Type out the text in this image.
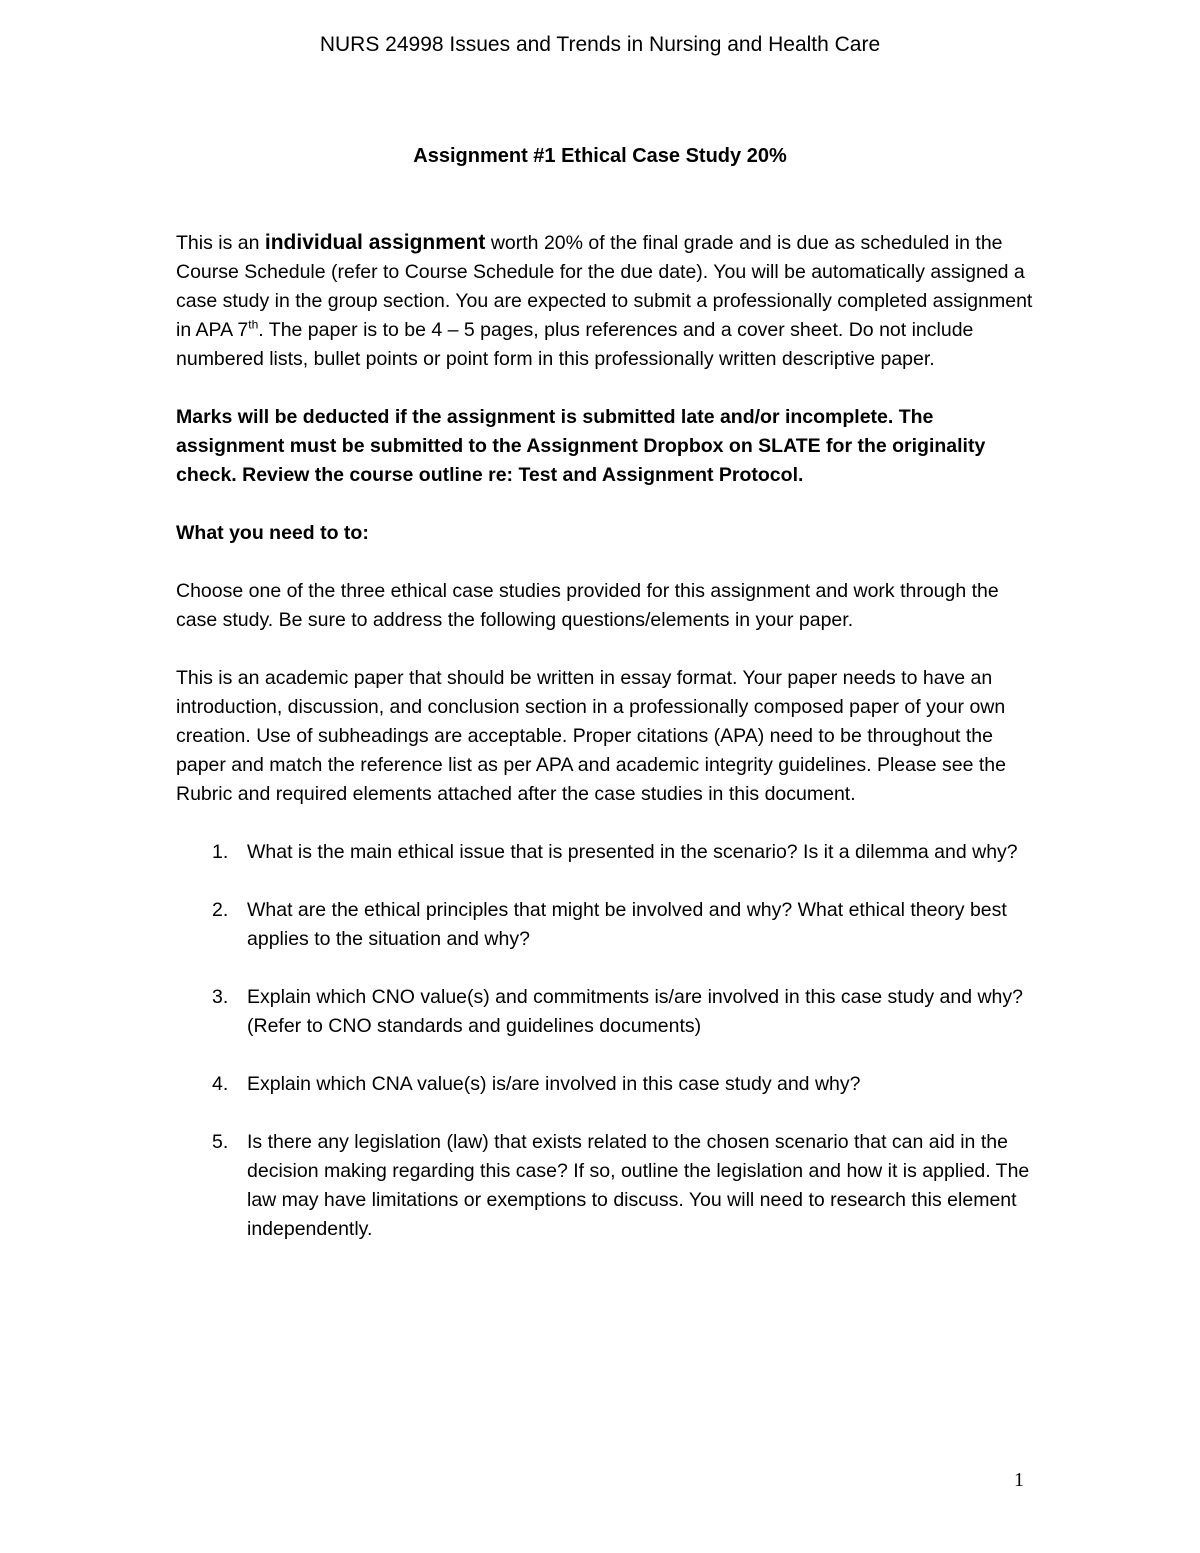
NURS 24998 Issues and Trends in Nursing and Health Care
Assignment #1 Ethical Case Study 20%

This is an individual assignment worth 20% of the final grade and is due as scheduled in the Course Schedule (refer to Course Schedule for the due date). You will be automatically assigned a case study in the group section. You are expected to submit a professionally completed assignment in APA 7th. The paper is to be 4 – 5 pages, plus references and a cover sheet. Do not include numbered lists, bullet points or point form in this professionally written descriptive paper.

Marks will be deducted if the assignment is submitted late and/or incomplete. The assignment must be submitted to the Assignment Dropbox on SLATE for the originality check. Review the course outline re: Test and Assignment Protocol.

What you need to to:

Choose one of the three ethical case studies provided for this assignment and work through the case study. Be sure to address the following questions/elements in your paper.

This is an academic paper that should be written in essay format. Your paper needs to have an introduction, discussion, and conclusion section in a professionally composed paper of your own creation. Use of subheadings are acceptable. Proper citations (APA) need to be throughout the paper and match the reference list as per APA and academic integrity guidelines. Please see the Rubric and required elements attached after the case studies in this document.

1. What is the main ethical issue that is presented in the scenario? Is it a dilemma and why?
2. What are the ethical principles that might be involved and why? What ethical theory best applies to the situation and why?
3. Explain which CNO value(s) and commitments is/are involved in this case study and why? (Refer to CNO standards and guidelines documents)
4. Explain which CNA value(s) is/are involved in this case study and why?
5. Is there any legislation (law) that exists related to the chosen scenario that can aid in the decision making regarding this case? If so, outline the legislation and how it is applied. The law may have limitations or exemptions to discuss. You will need to research this element independently.
1
